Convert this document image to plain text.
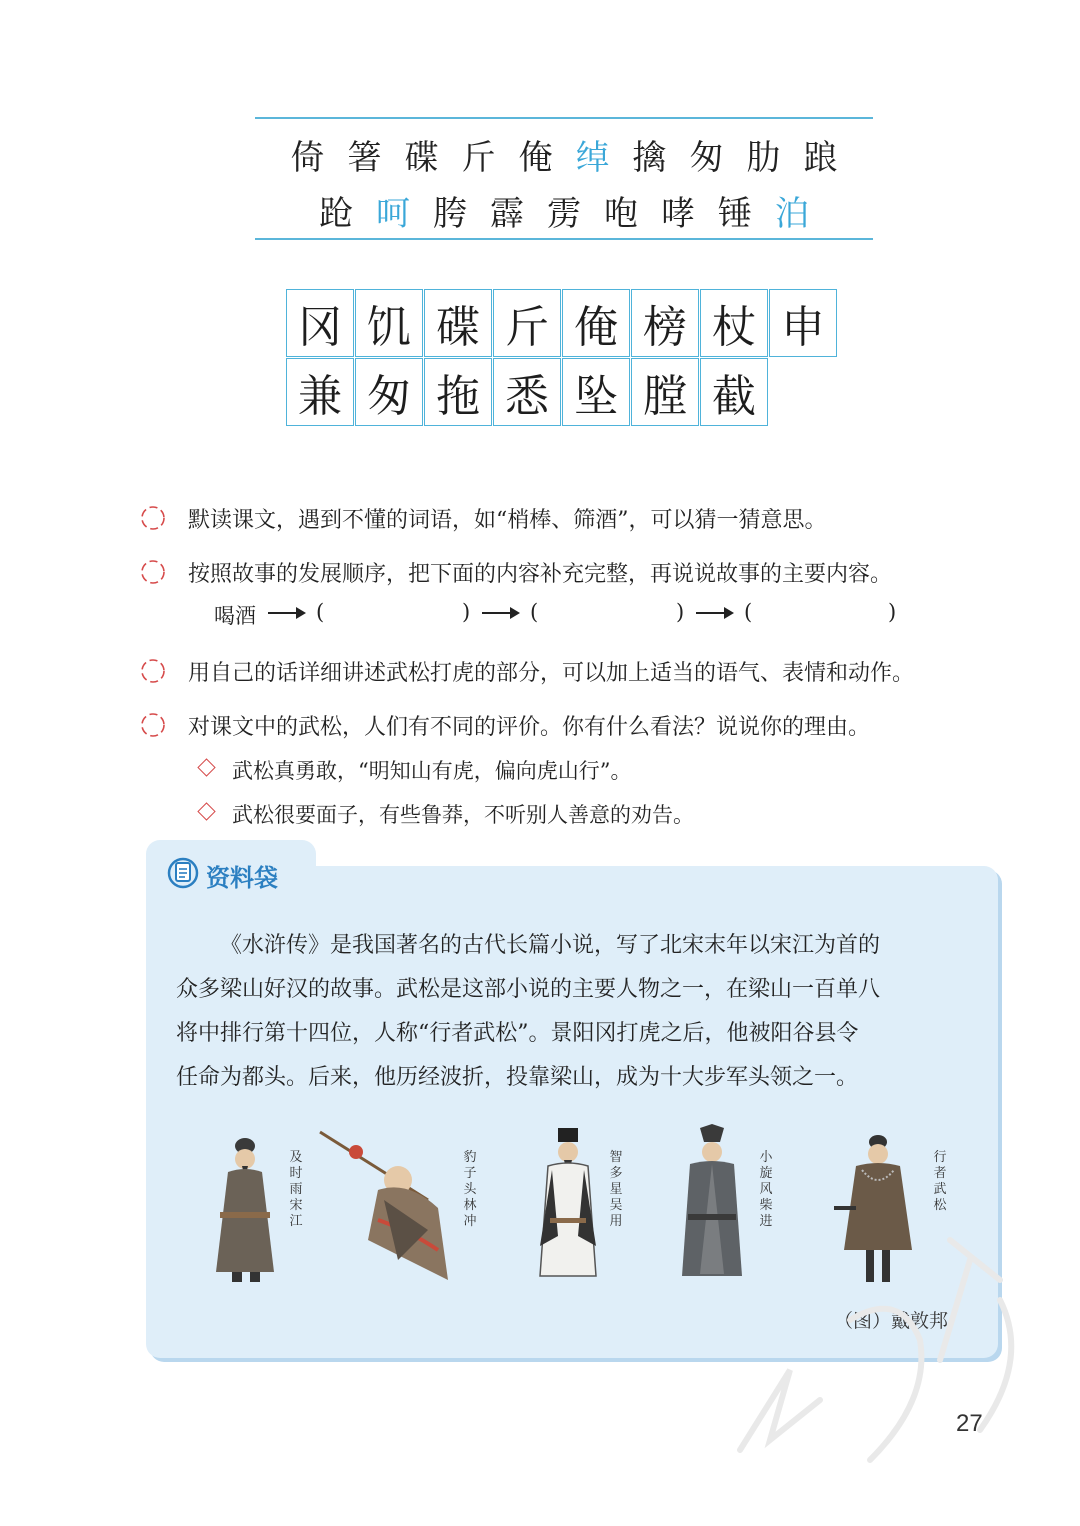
倚 箸 碟 斤 俺 绰 擒 匆 肋 踉
跄 呵 胯 霹 雳 咆 哮 锤 泊
冈 饥 碟 斤 俺 榜 杖 申
兼 匆 拖 悉 坠 膛 截
默读课文，遇到不懂的词语，如“梢棒、筛酒”，可以猜一猜意思。
按照故事的发展顺序，把下面的内容补充完整，再说说故事的主要内容。
喝酒	(	)	(	)	(	)
用自己的话详细讲述武松打虎的部分，可以加上适当的语气、表情和动作。
对课文中的武松，人们有不同的评价。你有什么看法？说说你的理由。
武松真勇敢，“明知山有虎，偏向虎山行”。
武松很要面子，有些鲁莽，不听别人善意的劝告。
资料袋
《水浒传》是我国著名的古代长篇小说，写了北宋末年以宋江为首的
众多梁山好汉的故事。武松是这部小说的主要人物之一，在梁山一百单八
将中排行第十四位，人称“行者武松”。景阳冈打虎之后，他被阳谷县令
任命为都头。后来，他历经波折，投靠梁山，成为十大步军头领之一。
及时雨宋江
豹子头林冲
智多星吴用
小旋风柴进
行者武松
（图）戴敦邦
27
